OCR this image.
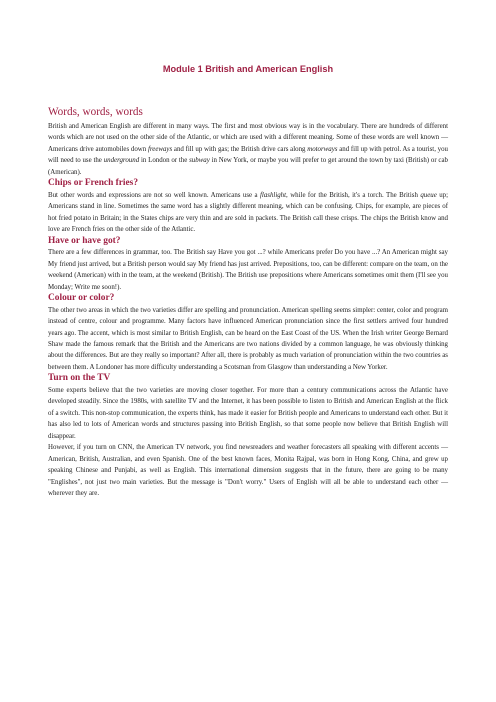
Module 1 British and American English
Words, words, words

British and American English are different in many ways. The first and most obvious way is in the vocabulary. There are hundreds of different words which are not used on the other side of the Atlantic, or which are used with a different meaning. Some of these words are well known — Americans drive automobiles down freeways and fill up with gas; the British drive cars along motorways and fill up with petrol. As a tourist, you will need to use the underground in London or the subway in New York, or maybe you will prefer to get around the town by taxi (British) or cab (American).

Chips or French fries?

But other words and expressions are not so well known. Americans use a flashlight, while for the British, it's a torch. The British queue up; Americans stand in line. Sometimes the same word has a slightly different meaning, which can be confusing. Chips, for example, are pieces of hot fried potato in Britain; in the States chips are very thin and are sold in packets. The British call these crisps. The chips the British know and love are French fries on the other side of the Atlantic.

Have or have got?

There are a few differences in grammar, too. The British say Have you got ...? while Americans prefer Do you have ...? An American might say My friend just arrived, but a British person would say My friend has just arrived. Prepositions, too, can be different: compare on the team, on the weekend (American) with in the team, at the weekend (British). The British use prepositions where Americans sometimes omit them (I'll see you Monday; Write me soon!).

Colour or color?

The other two areas in which the two varieties differ are spelling and pronunciation. American spelling seems simpler: center, color and program instead of centre, colour and programme. Many factors have influenced American pronunciation since the first settlers arrived four hundred years ago. The accent, which is most similar to British English, can be heard on the East Coast of the US. When the Irish writer George Bernard Shaw made the famous remark that the British and the Americans are two nations divided by a common language, he was obviously thinking about the differences. But are they really so important? After all, there is probably as much variation of pronunciation within the two countries as between them. A Londoner has more difficulty understanding a Scotsman from Glasgow than understanding a New Yorker.

Turn on the TV

Some experts believe that the two varieties are moving closer together. For more than a century communications across the Atlantic have developed steadily. Since the 1980s, with satellite TV and the Internet, it has been possible to listen to British and American English at the flick of a switch. This non-stop communication, the experts think, has made it easier for British people and Americans to understand each other. But it has also led to lots of American words and structures passing into British English, so that some people now believe that British English will disappear.

However, if you turn on CNN, the American TV network, you find newsreaders and weather forecasters all speaking with different accents — American, British, Australian, and even Spanish. One of the best known faces, Monita Rajpal, was born in Hong Kong, China, and grew up speaking Chinese and Punjabi, as well as English. This international dimension suggests that in the future, there are going to be many "Englishes", not just two main varieties. But the message is "Don't worry." Users of English will all be able to understand each other — wherever they are.
